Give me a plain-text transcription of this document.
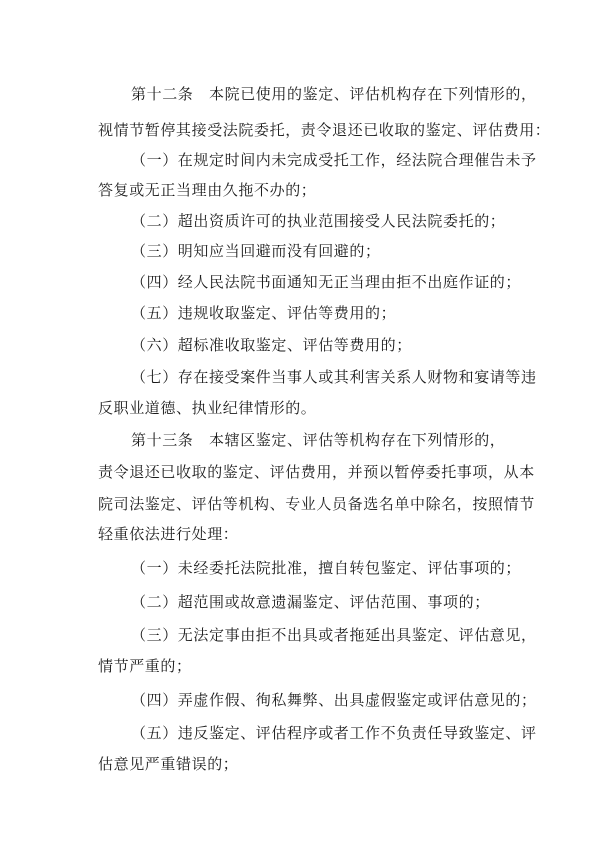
第十二条　本院已使用的鉴定、评估机构存在下列情形的，
视情节暂停其接受法院委托，责令退还已收取的鉴定、评估费用：
（一）在规定时间内未完成受托工作，经法院合理催告未予
答复或无正当理由久拖不办的；
（二）超出资质许可的执业范围接受人民法院委托的；
（三）明知应当回避而没有回避的；
（四）经人民法院书面通知无正当理由拒不出庭作证的；
（五）违规收取鉴定、评估等费用的；
（六）超标准收取鉴定、评估等费用的；
（七）存在接受案件当事人或其利害关系人财物和宴请等违
反职业道德、执业纪律情形的。
第十三条　本辖区鉴定、评估等机构存在下列情形的，
责令退还已收取的鉴定、评估费用，并预以暂停委托事项，从本
院司法鉴定、评估等机构、专业人员备选名单中除名，按照情节
轻重依法进行处理：
（一）未经委托法院批准，擅自转包鉴定、评估事项的；
（二）超范围或故意遗漏鉴定、评估范围、事项的；
（三）无法定事由拒不出具或者拖延出具鉴定、评估意见，
情节严重的；
（四）弄虚作假、徇私舞弊、出具虚假鉴定或评估意见的；
（五）违反鉴定、评估程序或者工作不负责任导致鉴定、评
估意见严重错误的；
